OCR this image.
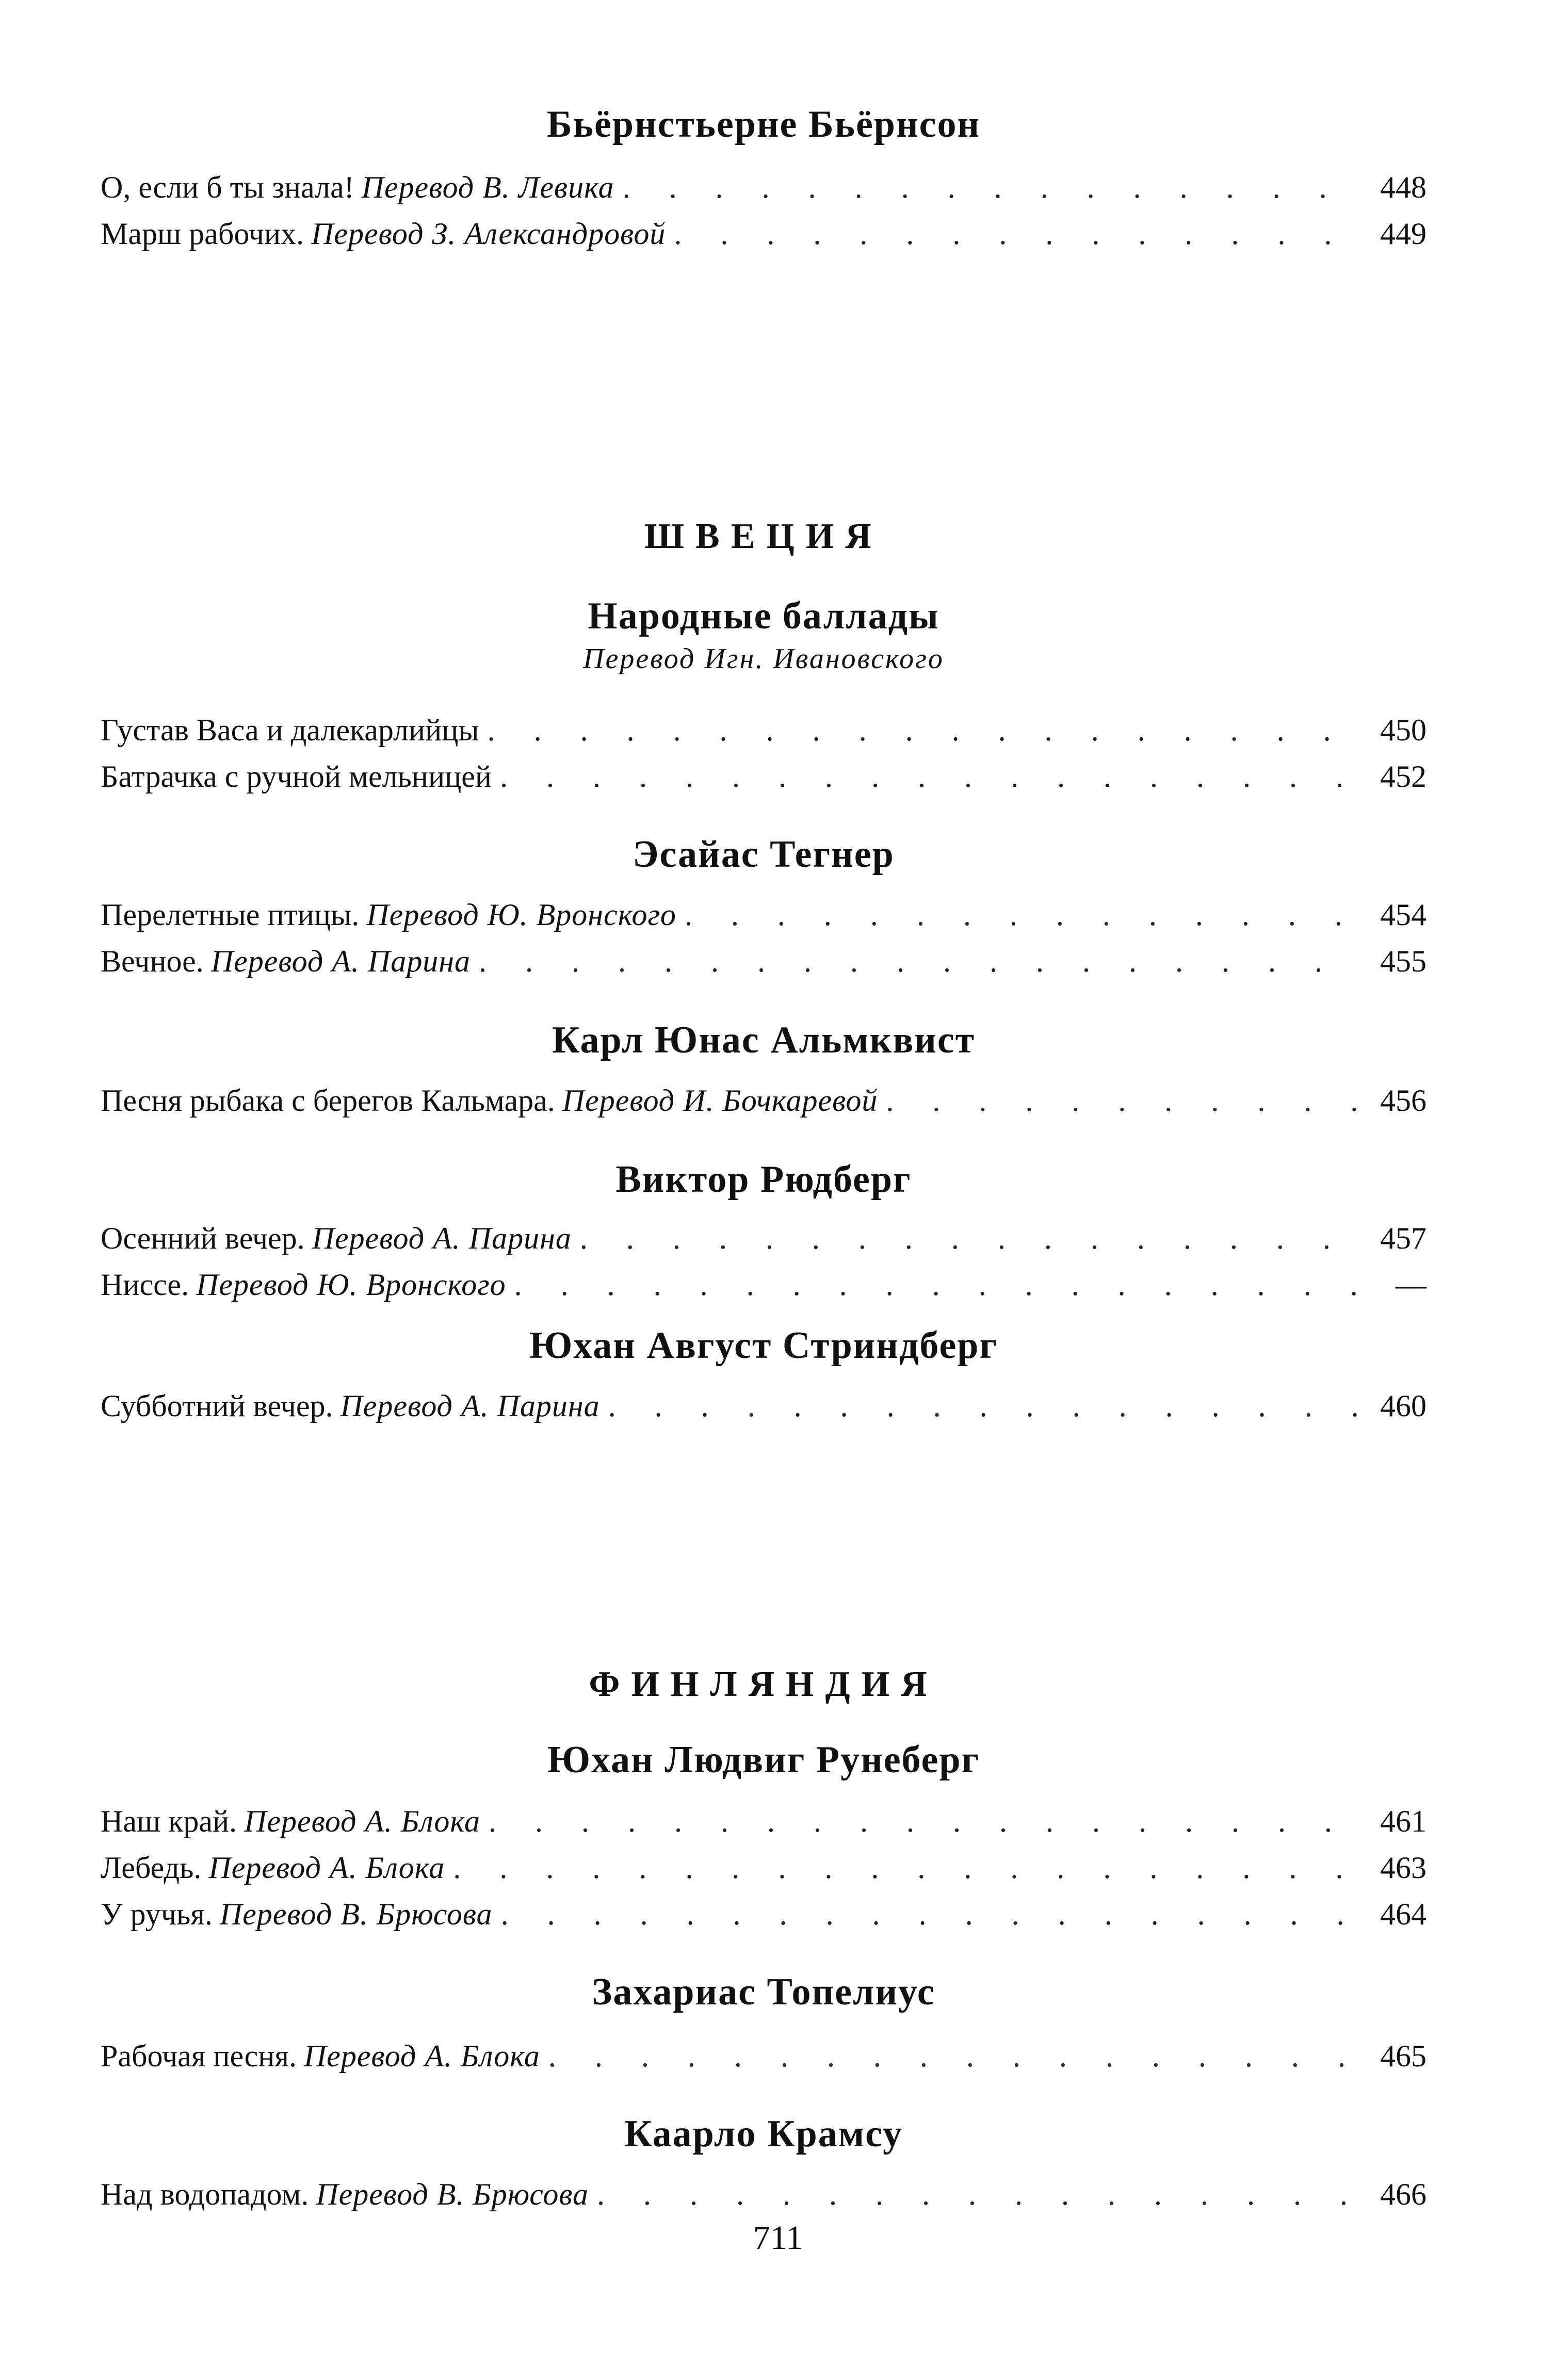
Бьёрнстьерне Бьёрнсон
О, если б ты знала! Перевод В. Левика . . .	448
Марш рабочих. Перевод З. Александровой . . .	449
ШВЕЦИЯ
Народные баллады

Перевод Игн. Ивановского

Густав Васа и далекарлийцы . . .	450
Батрачка с ручной мельницей . . .	452
Эсайас Тегнер
Перелетные птицы. Перевод Ю. Вронского . . .	454
Вечное. Перевод А. Парина . . .	455
Карл Юнас Альмквист
Песня рыбака с берегов Кальмара. Перевод И. Бочкаревой . . .	456
Виктор Рюдберг
Осенний вечер. Перевод А. Парина . . .	457
Ниссе. Перевод Ю. Вронского . . .	—
Юхан Август Стриндберг
Субботний вечер. Перевод А. Парина . . .	460
ФИНЛЯНДИЯ
Юхан Людвиг Рунеберг
Наш край. Перевод А. Блока . . .	461
Лебедь. Перевод А. Блока . . .	463
У ручья. Перевод В. Брюсова . . .	464
Захариас Топелиус
Рабочая песня. Перевод А. Блока . . .	465
Каарло Крамсу
Над водопадом. Перевод В. Брюсова . . .	466
711
